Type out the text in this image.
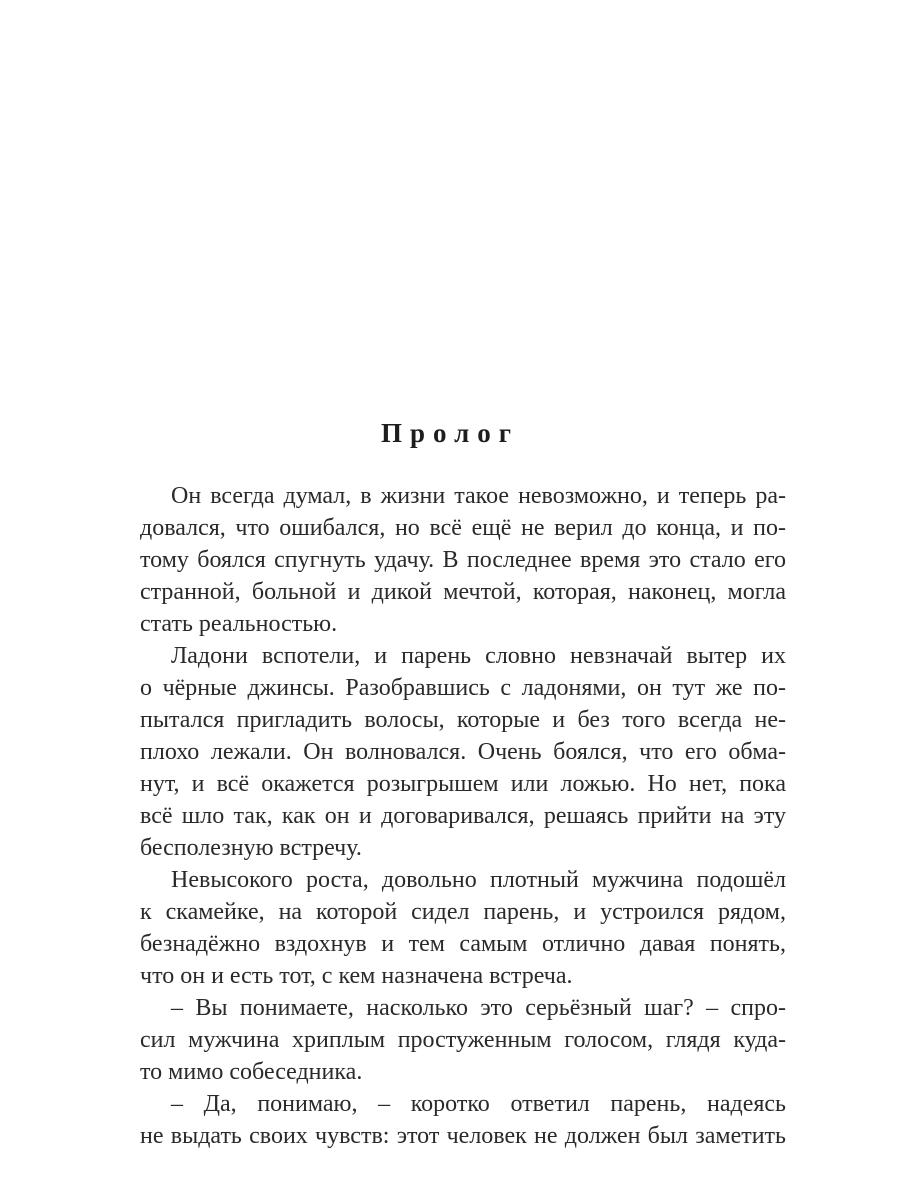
Пролог
Он всегда думал, в жизни такое невозможно, и теперь ра-
довался, что ошибался, но всё ещё не верил до конца, и по-
тому боялся спугнуть удачу. В последнее время это стало его
странной, больной и дикой мечтой, которая, наконец, могла
стать реальностью.
Ладони вспотели, и парень словно невзначай вытер их
о чёрные джинсы. Разобравшись с ладонями, он тут же по-
пытался пригладить волосы, которые и без того всегда не-
плохо лежали. Он волновался. Очень боялся, что его обма-
нут, и всё окажется розыгрышем или ложью. Но нет, пока
всё шло так, как он и договаривался, решаясь прийти на эту
бесполезную встречу.
Невысокого роста, довольно плотный мужчина подошёл
к скамейке, на которой сидел парень, и устроился рядом,
безнадёжно вздохнув и тем самым отлично давая понять,
что он и есть тот, с кем назначена встреча.
– Вы понимаете, насколько это серьёзный шаг? – спро-
сил мужчина хриплым простуженным голосом, глядя куда-
то мимо собеседника.
– Да, понимаю, – коротко ответил парень, надеясь
не выдать своих чувств: этот человек не должен был заметить
